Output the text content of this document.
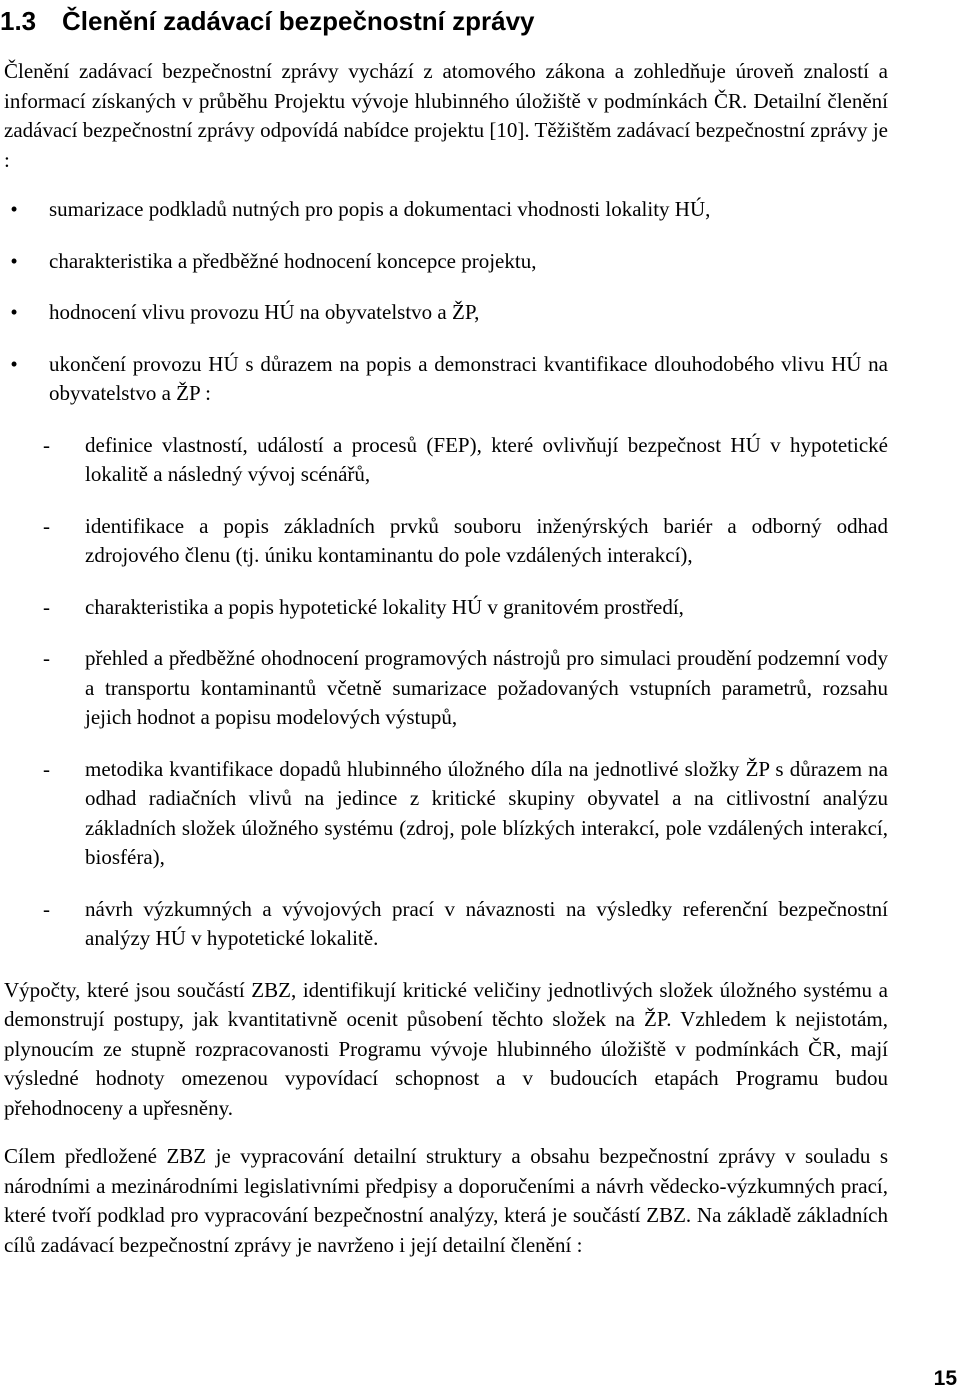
1.3 Členění zadávací bezpečnostní zprávy

Členění zadávací bezpečnostní zprávy vychází z atomového zákona a zohledňuje úroveň znalostí a informací získaných v průběhu Projektu vývoje hlubinného úložiště v podmínkách ČR. Detailní členění zadávací bezpečnostní zprávy odpovídá nabídce projektu [10]. Těžištěm zadávací bezpečnostní zprávy je :

•	sumarizace podkladů nutných pro popis a dokumentaci vhodnosti lokality HÚ,
•	charakteristika a předběžné hodnocení koncepce projektu,
•	hodnocení vlivu provozu HÚ na obyvatelstvo a ŽP,
•	ukončení provozu HÚ s důrazem na popis a demonstraci kvantifikace dlouhodobého vlivu HÚ na obyvatelstvo a ŽP :
- definice vlastností, událostí a procesů (FEP), které ovlivňují bezpečnost HÚ v hypotetické lokalitě a následný vývoj scénářů,
- identifikace a popis základních prvků souboru inženýrských bariér a odborný odhad zdrojového členu (tj. úniku kontaminantu do pole vzdálených interakcí),
- charakteristika a popis hypotetické lokality HÚ v granitovém prostředí,
- přehled a předběžné ohodnocení programových nástrojů pro simulaci proudění podzemní vody a transportu kontaminantů včetně sumarizace požadovaných vstupních parametrů, rozsahu jejich hodnot a popisu modelových výstupů,
- metodika kvantifikace dopadů hlubinného úložného díla na jednotlivé složky ŽP s důrazem na odhad radiačních vlivů na jedince z kritické skupiny obyvatel a na citlivostní analýzu základních složek úložného systému (zdroj, pole blízkých interakcí, pole vzdálených interakcí, biosféra),
- návrh výzkumných a vývojových prací v návaznosti na výsledky referenční bezpečnostní analýzy HÚ v hypotetické lokalitě.

Výpočty, které jsou součástí ZBZ, identifikují kritické veličiny jednotlivých složek úložného systému a demonstrují postupy, jak kvantitativně ocenit působení těchto složek na ŽP. Vzhledem k nejistotám, plynoucím ze stupně rozpracovanosti Programu vývoje hlubinného úložiště v podmínkách ČR, mají výsledné hodnoty omezenou vypovídací schopnost a v budoucích etapách Programu budou přehodnoceny a upřesněny.

Cílem předložené ZBZ je vypracování detailní struktury a obsahu bezpečnostní zprávy v souladu s národními a mezinárodními legislativními předpisy a doporučeními a návrh vědecko-výzkumných prací, které tvoří podklad pro vypracování bezpečnostní analýzy, která je součástí ZBZ. Na základě základních cílů zadávací bezpečnostní zprávy je navrženo i její detailní členění :

15
